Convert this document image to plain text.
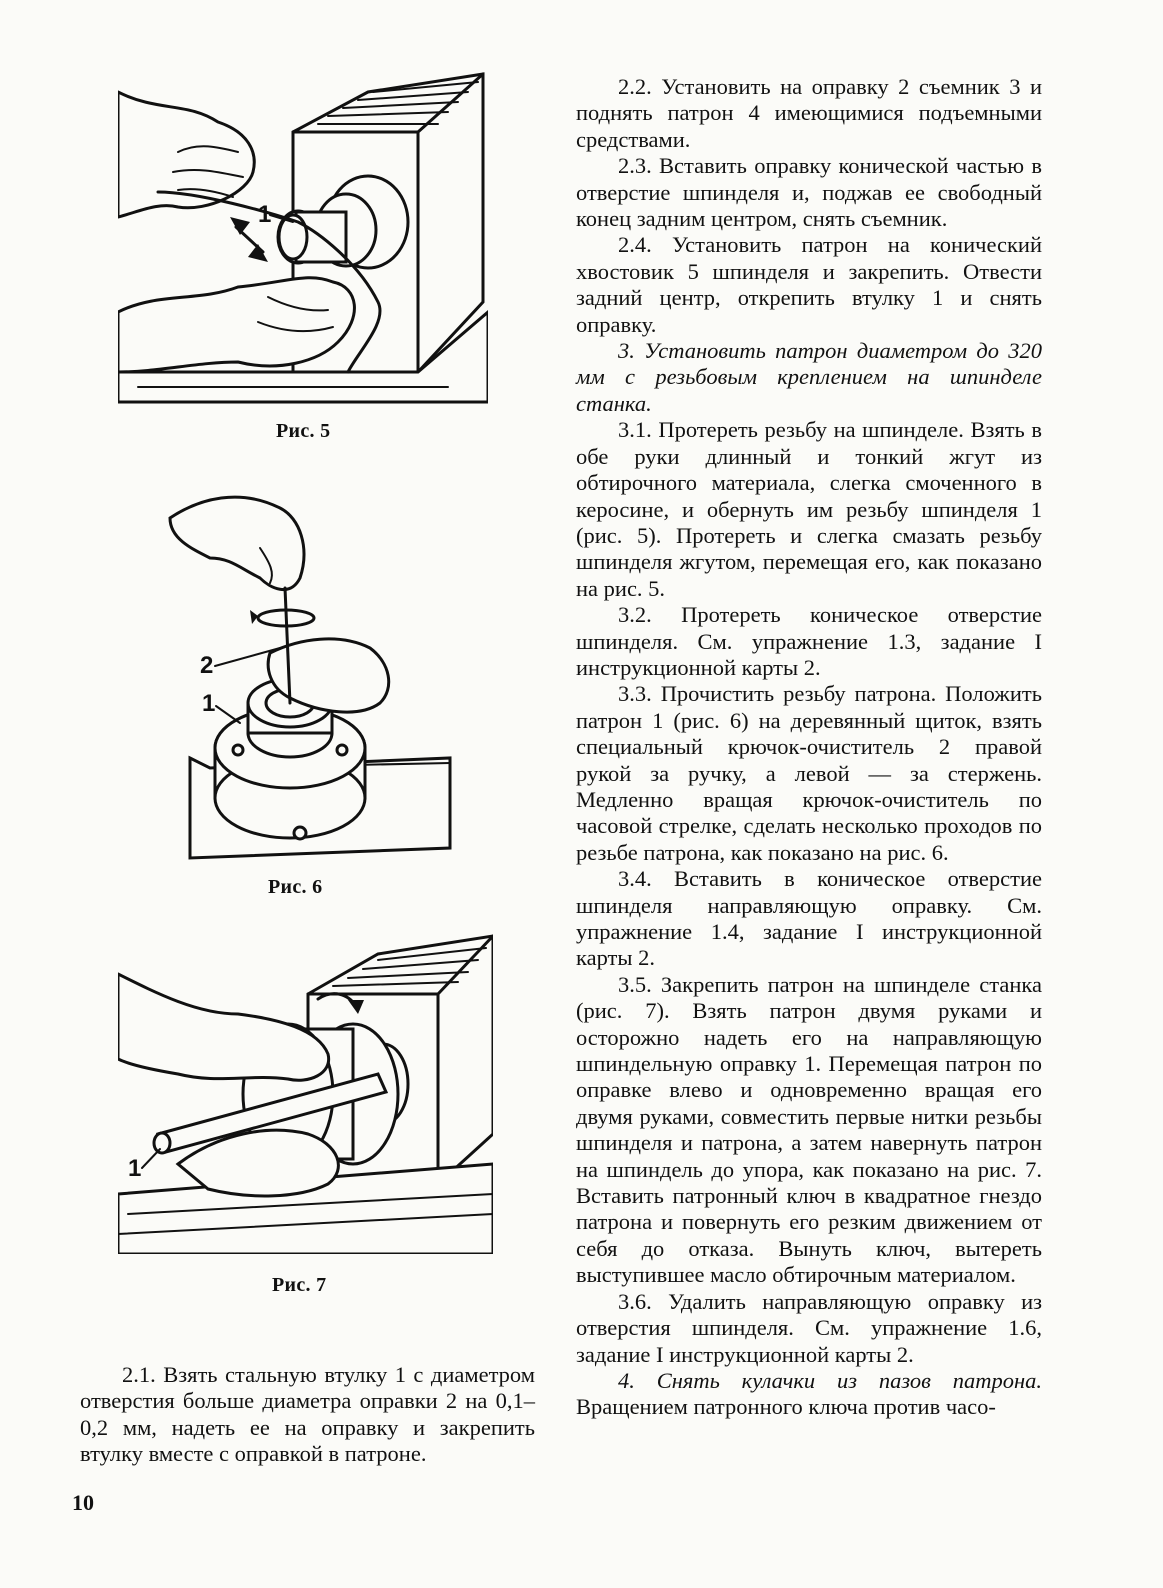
1
Рис. 5
2
1
Рис. 6
1
Рис. 7

2.1. Взять стальную втулку 1 с диаметром отверстия больше диаметра оправки 2 на 0,1–0,2 мм, надеть ее на оправку и закрепить втулку вместе с оправкой в патроне.

2.2. Установить на оправку 2 съемник 3 и поднять патрон 4 имеющимися подъемными средствами.

2.3. Вставить оправку конической частью в отверстие шпинделя и, поджав ее свободный конец задним центром, снять съемник.

2.4. Установить патрон на конический хвостовик 5 шпинделя и закрепить. Отвести задний центр, открепить втулку 1 и снять оправку.

3. Установить патрон диаметром до 320 мм с резьбовым креплением на шпинделе станка.

3.1. Протереть резьбу на шпинделе. Взять в обе руки длинный и тонкий жгут из обтирочного материала, слегка смоченного в керосине, и обернуть им резьбу шпинделя 1 (рис. 5). Протереть и слегка смазать резьбу шпинделя жгутом, перемещая его, как показано на рис. 5.

3.2. Протереть коническое отверстие шпинделя. См. упражнение 1.3, задание I инструкционной карты 2.

3.3. Прочистить резьбу патрона. Положить патрон 1 (рис. 6) на деревянный щиток, взять специальный крючок-очиститель 2 правой рукой за ручку, а левой — за стержень. Медленно вращая крючок-очиститель по часовой стрелке, сделать несколько проходов по резьбе патрона, как показано на рис. 6.

3.4. Вставить в коническое отверстие шпинделя направляющую оправку. См. упражнение 1.4, задание I инструкционной карты 2.

3.5. Закрепить патрон на шпинделе станка (рис. 7). Взять патрон двумя руками и осторожно надеть его на направляющую шпиндельную оправку 1. Перемещая патрон по оправке влево и одновременно вращая его двумя руками, совместить первые нитки резьбы шпинделя и патрона, а затем навернуть патрон на шпиндель до упора, как показано на рис. 7. Вставить патронный ключ в квадратное гнездо патрона и повернуть его резким движением от себя до отказа. Вынуть ключ, вытереть выступившее масло обтирочным материалом.

3.6. Удалить направляющую оправку из отверстия шпинделя. См. упражнение 1.6, задание I инструкционной карты 2.

4. Снять кулачки из пазов патрона. Вращением патронного ключа против часо-

10
